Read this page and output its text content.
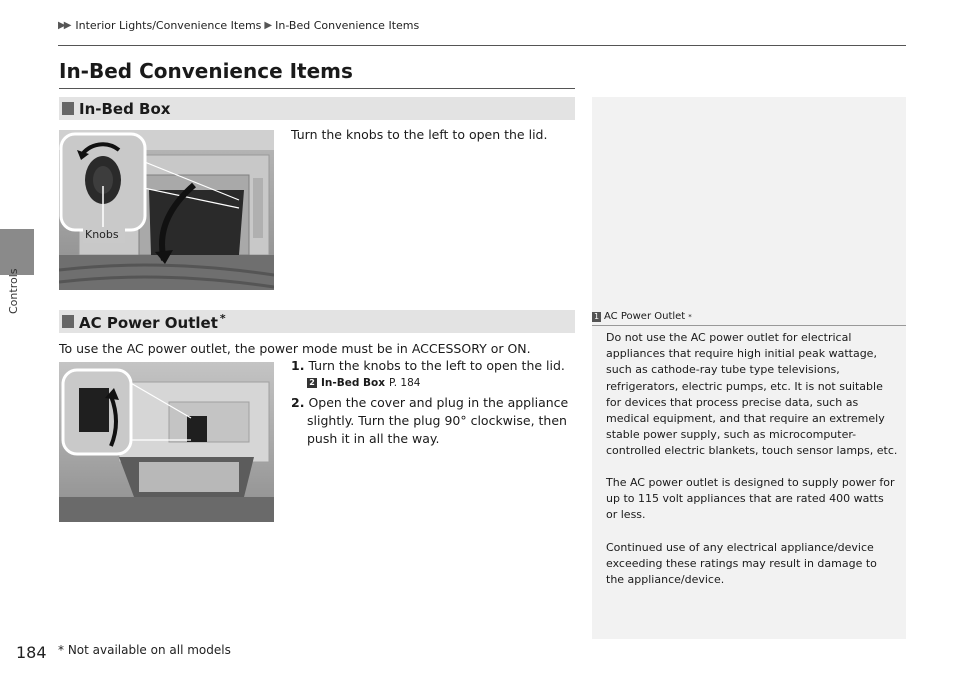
Controls
▶▶ Interior Lights/Convenience Items ▶ In-Bed Convenience Items
In-Bed Convenience Items
In-Bed Box
Knobs
Turn the knobs to the left to open the lid.
AC Power Outlet *
To use the AC power outlet, the power mode must be in ACCESSORY or ON.
1. Turn the knobs to the left to open the lid.
2 In-Bed Box P. 184
2. Open the cover and plug in the appliance slightly. Turn the plug 90° clockwise, then push it in all the way.
1 AC Power Outlet *
Do not use the AC power outlet for electrical appliances that require high initial peak wattage, such as cathode-ray tube type televisions, refrigerators, electric pumps, etc. It is not suitable for devices that process precise data, such as medical equipment, and that require an extremely stable power supply, such as microcomputer-controlled electric blankets, touch sensor lamps, etc.
The AC power outlet is designed to supply power for up to 115 volt appliances that are rated 400 watts or less.
Continued use of any electrical appliance/device exceeding these ratings may result in damage to the appliance/device.
184 * Not available on all models
